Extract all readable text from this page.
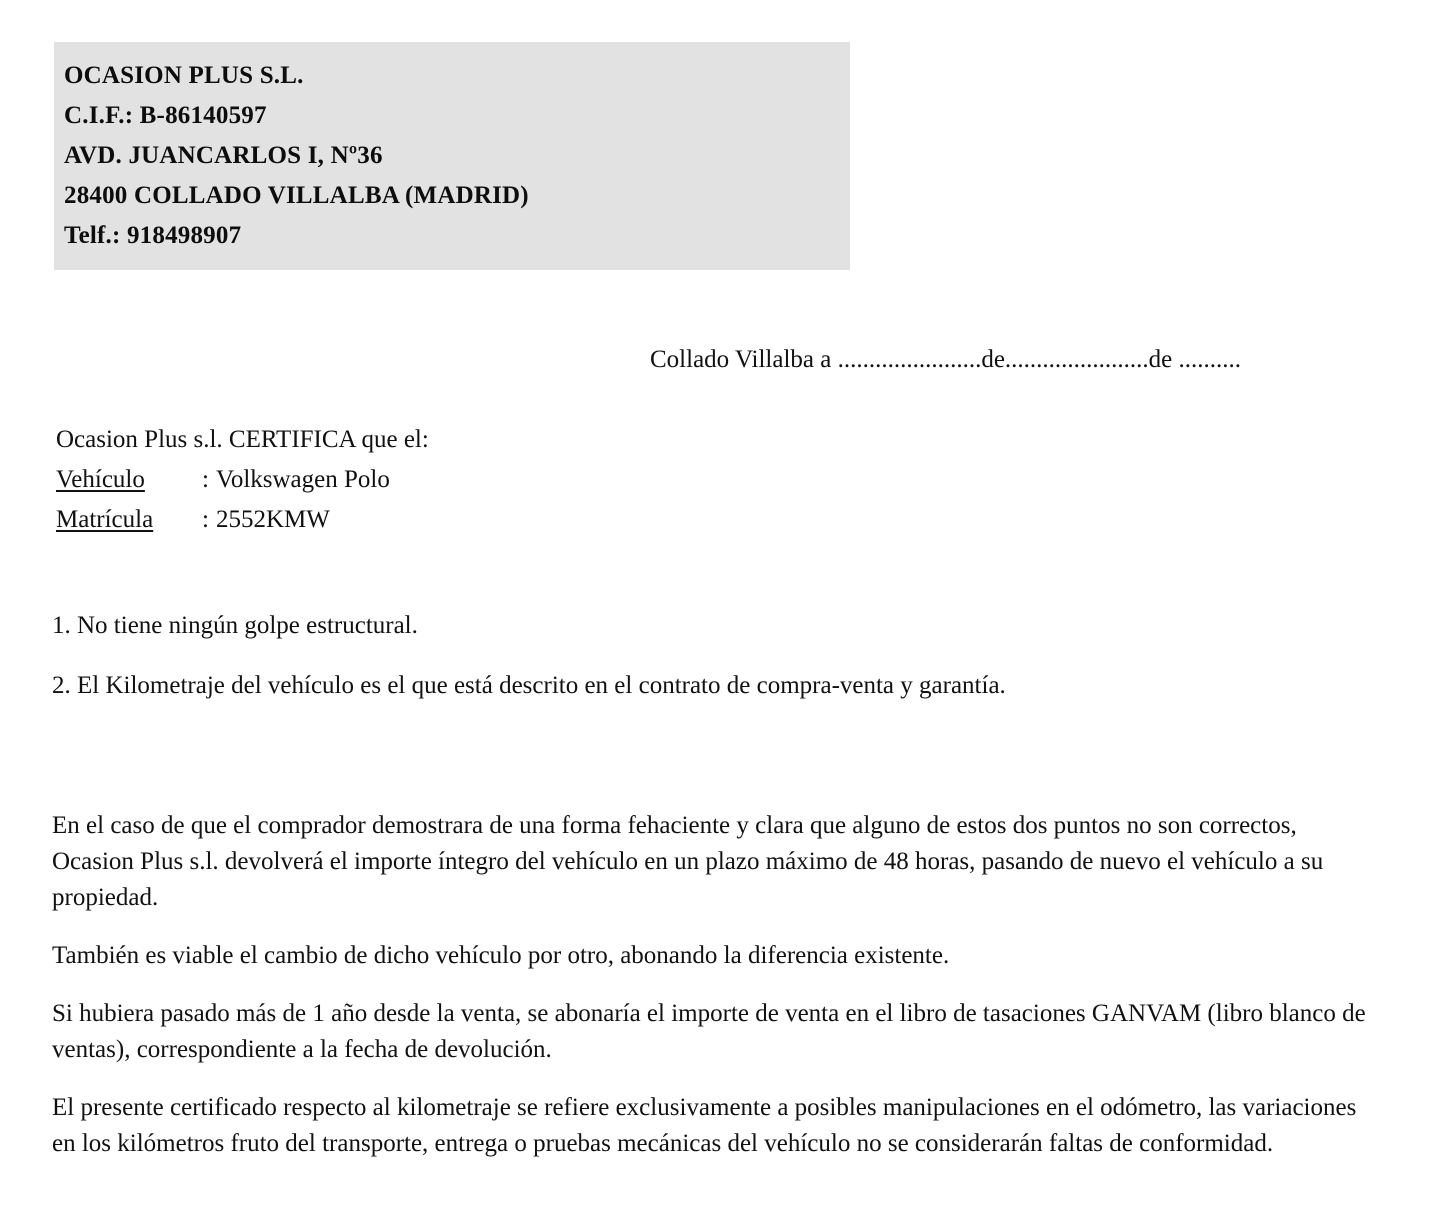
OCASION PLUS S.L.
C.I.F.: B-86140597
AVD. JUANCARLOS I, Nº36
28400 COLLADO VILLALBA (MADRID)
Telf.: 918498907
Collado Villalba a .......................de.......................de ..........
Ocasion Plus s.l. CERTIFICA que el:
Vehículo : Volkswagen Polo
Matrícula : 2552KMW
1. No tiene ningún golpe estructural.
2. El Kilometraje del vehículo es el que está descrito en el contrato de compra-venta y garantía.

En el caso de que el comprador demostrara de una forma fehaciente y clara que alguno de estos dos puntos no son correctos, Ocasion Plus s.l. devolverá el importe íntegro del vehículo en un plazo máximo de 48 horas, pasando de nuevo el vehículo a su propiedad.

También es viable el cambio de dicho vehículo por otro, abonando la diferencia existente.

Si hubiera pasado más de 1 año desde la venta, se abonaría el importe de venta en el libro de tasaciones GANVAM (libro blanco de ventas), correspondiente a la fecha de devolución.

El presente certificado respecto al kilometraje se refiere exclusivamente a posibles manipulaciones en el odómetro, las variaciones en los kilómetros fruto del transporte, entrega o pruebas mecánicas del vehículo no se considerarán faltas de conformidad.
